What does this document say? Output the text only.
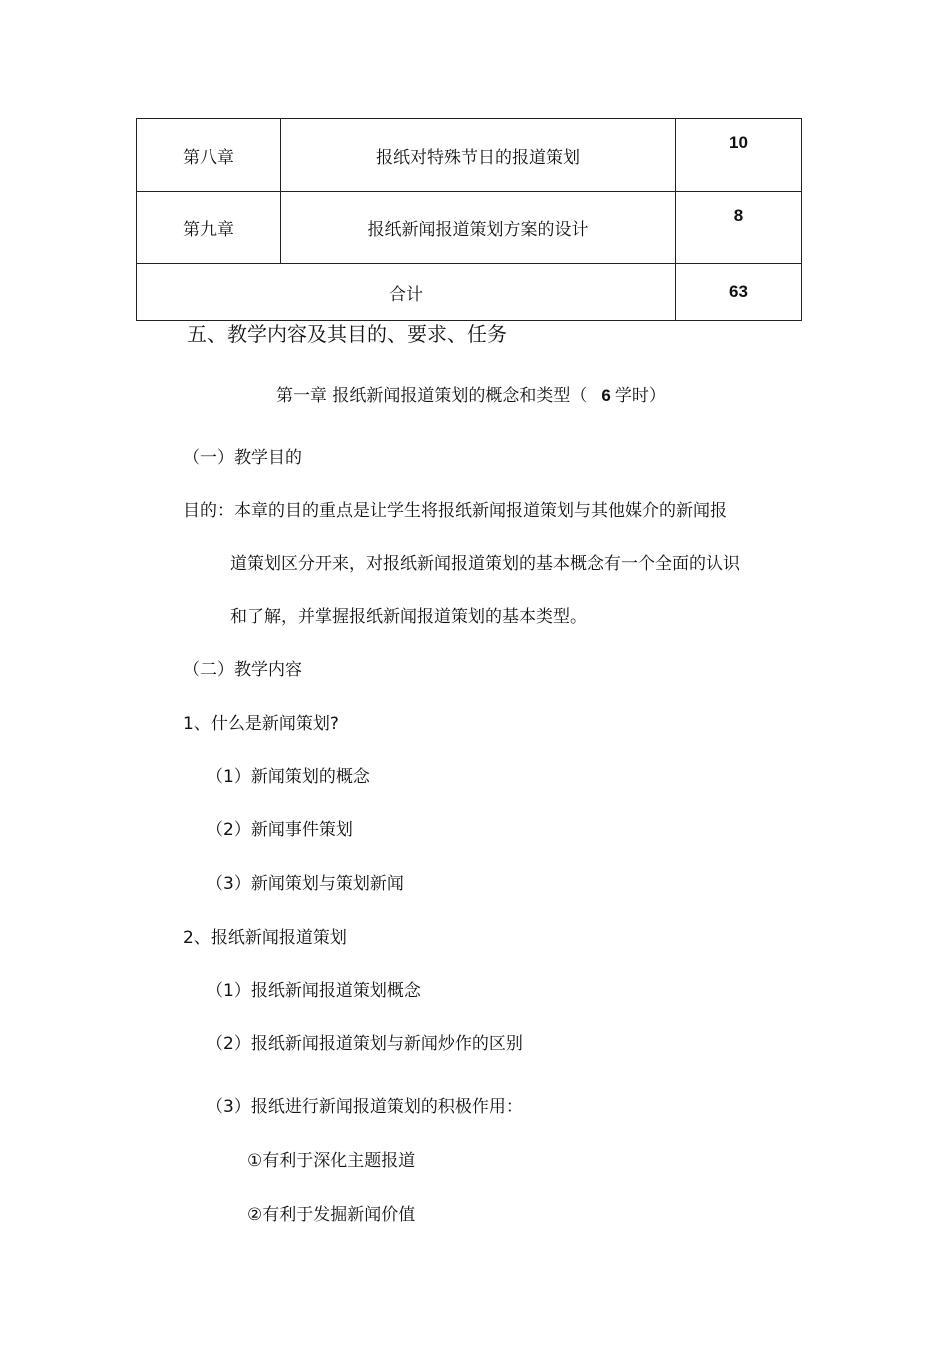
第八章	报纸对特殊节日的报道策划	10
第九章	报纸新闻报道策划方案的设计	8
合计		63
五、教学内容及其目的、要求、任务
第一章 报纸新闻报道策划的概念和类型（ 6 学时）
（一）教学目的
目的：本章的目的重点是让学生将报纸新闻报道策划与其他媒介的新闻报
道策划区分开来，对报纸新闻报道策划的基本概念有一个全面的认识
和了解，并掌握报纸新闻报道策划的基本类型。
（二）教学内容
1、什么是新闻策划?
（1）新闻策划的概念
（2）新闻事件策划
（3）新闻策划与策划新闻
2、报纸新闻报道策划
（1）报纸新闻报道策划概念
（2）报纸新闻报道策划与新闻炒作的区别
（3）报纸进行新闻报道策划的积极作用：
①有利于深化主题报道
②有利于发掘新闻价值
